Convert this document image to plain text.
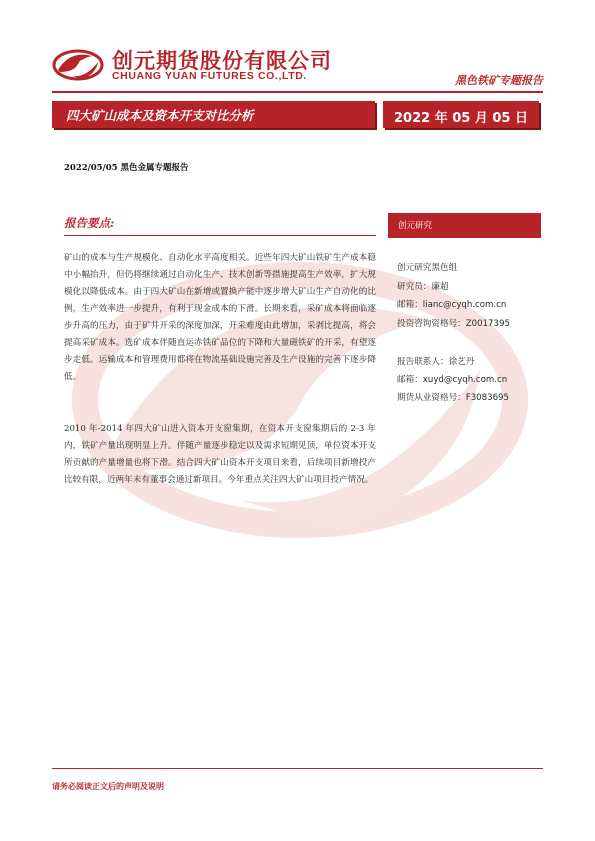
创元期货股份有限公司
CHUANG YUAN FUTURES CO.,LTD.	黑色铁矿专题报告
四大矿山成本及资本开支对比分析	2022 年 05 月 05 日
2022/05/05 黑色金属专题报告
报告要点:
矿山的成本与生产规模化、自动化水平高度相关。近些年四大矿山铁矿生产成本稳中小幅抬升，但仍将继续通过自动化生产、技术创新等措施提高生产效率，扩大规模化以降低成本。由于四大矿山在新增或置换产能中逐步增大矿山生产自动化的比例，生产效率进一步提升，有利于现金成本的下滑。长期来看，采矿成本将面临逐步升高的压力，由于矿井开采的深度加深，开采难度由此增加，采剥比提高，将会提高采矿成本。选矿成本伴随直运赤铁矿品位的下降和大量磁铁矿的开采，有望逐步走低。运输成本和管理费用都将在物流基础设施完善及生产设施的完善下逐步降低。
2010 年-2014 年四大矿山进入资本开支窗集期，在资本开支窗集期后的 2-3 年内，铁矿产量出现明显上升。伴随产量逐步稳定以及需求短期见顶，单位资本开支所贡献的产量增量也将下滑。结合四大矿山资本开支项目来看，后续项目新增投产比较有限，近两年未有董事会通过新项目。今年重点关注四大矿山项目投产情况。
创元研究
创元研究黑色组
研究员：廉超
邮箱：lianc@cyqh.com.cn
投资咨询资格号：Z0017395
报告联系人：徐艺丹
邮箱：xuyd@cyqh.com.cn
期货从业资格号：F3083695
请务必阅读正文后的声明及说明
